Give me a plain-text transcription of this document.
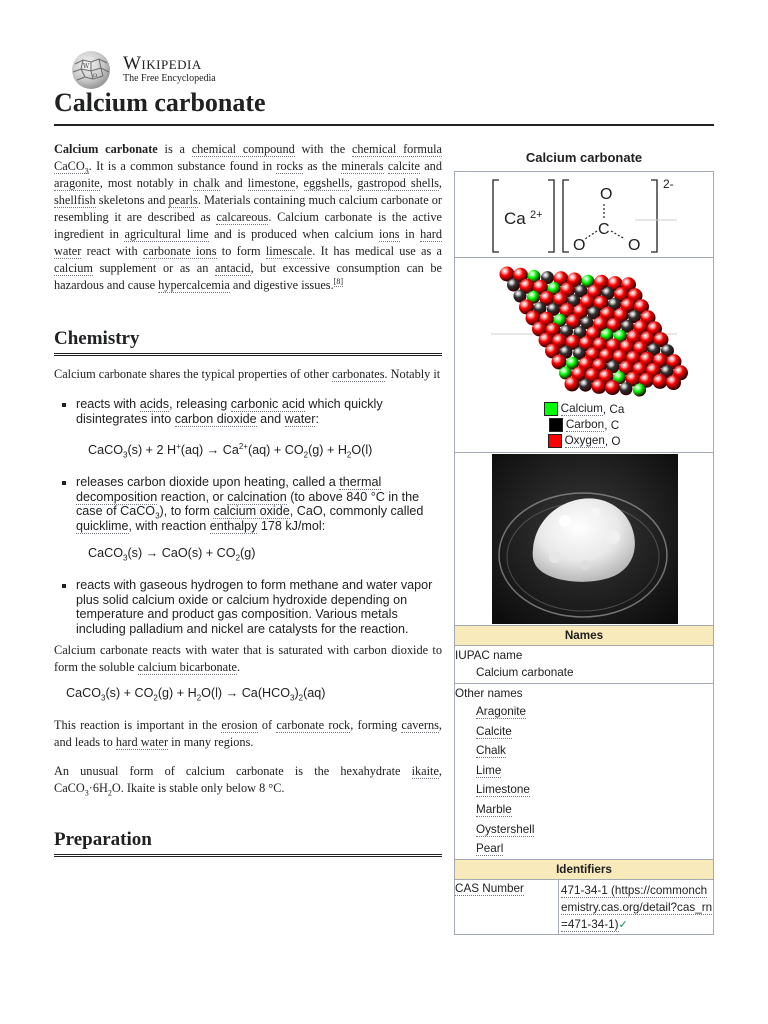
W
Ω
Wikipedia
The Free Encyclopedia
Calcium carbonate

Calcium carbonate is a chemical compound with the chemical formula CaCO$_3$. It is a common substance found in rocks as the minerals calcite and aragonite, most notably in chalk and limestone, eggshells, gastropod shells, shellfish skeletons and pearls. Materials containing much calcium carbonate or resembling it are described as calcareous. Calcium carbonate is the active ingredient in agricultural lime and is produced when calcium ions in hard water react with carbonate ions to form limescale. It has medical use as a calcium supplement or as an antacid, but excessive consumption can be hazardous and cause hypercalcemia and digestive issues.[8]

Chemistry

Calcium carbonate shares the typical properties of other carbonates. Notably it

▪ reacts with acids, releasing carbonic acid which quickly disintegrates into carbon dioxide and water:
CaCO$_3$(s) + 2 $H^+(aq) \to Ca^{2+}(aq) + CO_2(g) + H_2O(l)$
▪ releases carbon dioxide upon heating, called a thermal decomposition reaction, or calcination (to above 840 °C in the case of CaCO$_3$), to form calcium oxide, CaO, commonly called quicklime, with reaction enthalpy 178 kJ/mol:
CaCO$_3$(s) → $CaO(s) + CO_2(g)$
▪ reacts with gaseous hydrogen to form methane and water vapor plus solid calcium oxide or calcium hydroxide depending on temperature and product gas composition. Various metals including palladium and nickel are catalysts for the reaction.

Calcium carbonate reacts with water that is saturated with carbon dioxide to form the soluble calcium bicarbonate.

CaCO$_3$(s) + $CO_2(g) + H_2O(l) \to Ca(HCO_3)_2(aq)$

This reaction is important in the erosion of carbonate rock, forming caverns, and leads to hard water in many regions.

An unusual form of calcium carbonate is the hexahydrate ikaite, $CaCO_3\cdot 6H_2O$. Ikaite is stable only below 8 °C.

Preparation
Calcium carbonate
Ca 2+
O
C
O	O
2-
Calcium , Ca
Carbon , C
Oxygen , O
Names
IUPAC name
Calcium carbonate
Other names
Aragonite
Calcite
Chalk
Lime
Limestone
Marble
Oystershell
Pearl
Identifiers
CAS Number	471-34-1 (https://commonchemistry.cas.org/detail?cas_rn=471-34-1)✓
